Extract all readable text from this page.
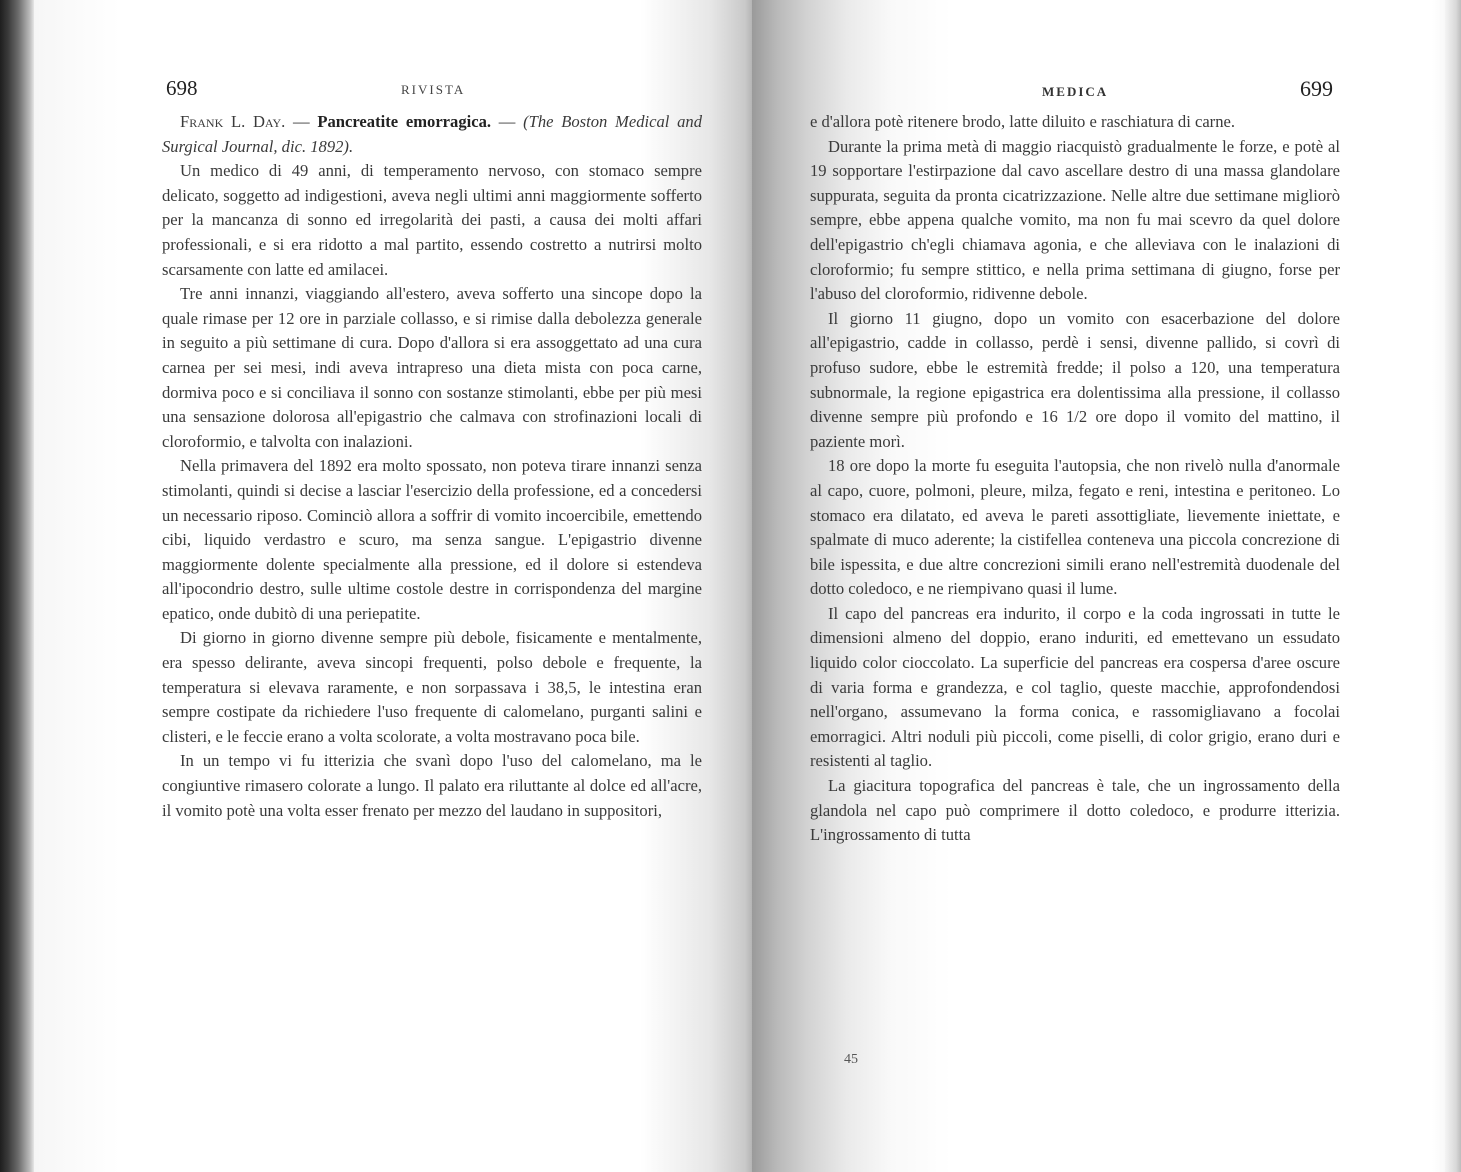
698	RIVISTA

Frank L. Day. — Pancreatite emorragica. — (The Boston Medical and Surgical Journal, dic. 1892).

Un medico di 49 anni, di temperamento nervoso, con stomaco sempre delicato, soggetto ad indigestioni, aveva negli ultimi anni maggiormente sofferto per la mancanza di sonno ed irregolarità dei pasti, a causa dei molti affari professionali, e si era ridotto a mal partito, essendo costretto a nutrirsi molto scarsamente con latte ed amilacei.

Tre anni innanzi, viaggiando all'estero, aveva sofferto una sincope dopo la quale rimase per 12 ore in parziale collasso, e si rimise dalla debolezza generale in seguito a più settimane di cura. Dopo d'allora si era assoggettato ad una cura carnea per sei mesi, indi aveva intrapreso una dieta mista con poca carne, dormiva poco e si conciliava il sonno con sostanze stimolanti, ebbe per più mesi una sensazione dolorosa all'epigastrio che calmava con strofinazioni locali di cloroformio, e talvolta con inalazioni.

Nella primavera del 1892 era molto spossato, non poteva tirare innanzi senza stimolanti, quindi si decise a lasciar l'esercizio della professione, ed a concedersi un necessario riposo. Cominciò allora a soffrir di vomito incoercibile, emettendo cibi, liquido verdastro e scuro, ma senza sangue. L'epigastrio divenne maggiormente dolente specialmente alla pressione, ed il dolore si estendeva all'ipocondrio destro, sulle ultime costole destre in corrispondenza del margine epatico, onde dubitò di una periepatite.

Di giorno in giorno divenne sempre più debole, fisicamente e mentalmente, era spesso delirante, aveva sincopi frequenti, polso debole e frequente, la temperatura si elevava raramente, e non sorpassava i 38,5, le intestina eran sempre costipate da richiedere l'uso frequente di calomelano, purganti salini e clisteri, e le feccie erano a volta scolorate, a volta mostravano poca bile.

In un tempo vi fu itterizia che svanì dopo l'uso del calomelano, ma le congiuntive rimasero colorate a lungo. Il palato era riluttante al dolce ed all'acre, il vomito potè una volta esser frenato per mezzo del laudano in suppositori,

MEDICA	699

e d'allora potè ritenere brodo, latte diluito e raschiatura di carne.

Durante la prima metà di maggio riacquistò gradualmente le forze, e potè al 19 sopportare l'estirpazione dal cavo ascellare destro di una massa glandolare suppurata, seguita da pronta cicatrizzazione. Nelle altre due settimane migliorò sempre, ebbe appena qualche vomito, ma non fu mai scevro da quel dolore dell'epigastrio ch'egli chiamava agonia, e che alleviava con le inalazioni di cloroformio; fu sempre stittico, e nella prima settimana di giugno, forse per l'abuso del cloroformio, ridivenne debole.

Il giorno 11 giugno, dopo un vomito con esacerbazione del dolore all'epigastrio, cadde in collasso, perdè i sensi, divenne pallido, si covrì di profuso sudore, ebbe le estremità fredde; il polso a 120, una temperatura subnormale, la regione epigastrica era dolentissima alla pressione, il collasso divenne sempre più profondo e 16 1/2 ore dopo il vomito del mattino, il paziente morì.

18 ore dopo la morte fu eseguita l'autopsia, che non rivelò nulla d'anormale al capo, cuore, polmoni, pleure, milza, fegato e reni, intestina e peritoneo. Lo stomaco era dilatato, ed aveva le pareti assottigliate, lievemente iniettate, e spalmate di muco aderente; la cistifellea conteneva una piccola concrezione di bile ispessita, e due altre concrezioni simili erano nell'estremità duodenale del dotto coledoco, e ne riempivano quasi il lume.

Il capo del pancreas era indurito, il corpo e la coda ingrossati in tutte le dimensioni almeno del doppio, erano induriti, ed emettevano un essudato liquido color cioccolato. La superficie del pancreas era cospersa d'aree oscure di varia forma e grandezza, e col taglio, queste macchie, approfondendosi nell'organo, assumevano la forma conica, e rassomigliavano a focolai emorragici. Altri noduli più piccoli, come piselli, di color grigio, erano duri e resistenti al taglio.

La giacitura topografica del pancreas è tale, che un ingrossamento della glandola nel capo può comprimere il dotto coledoco, e produrre itterizia. L'ingrossamento di tutta

45
